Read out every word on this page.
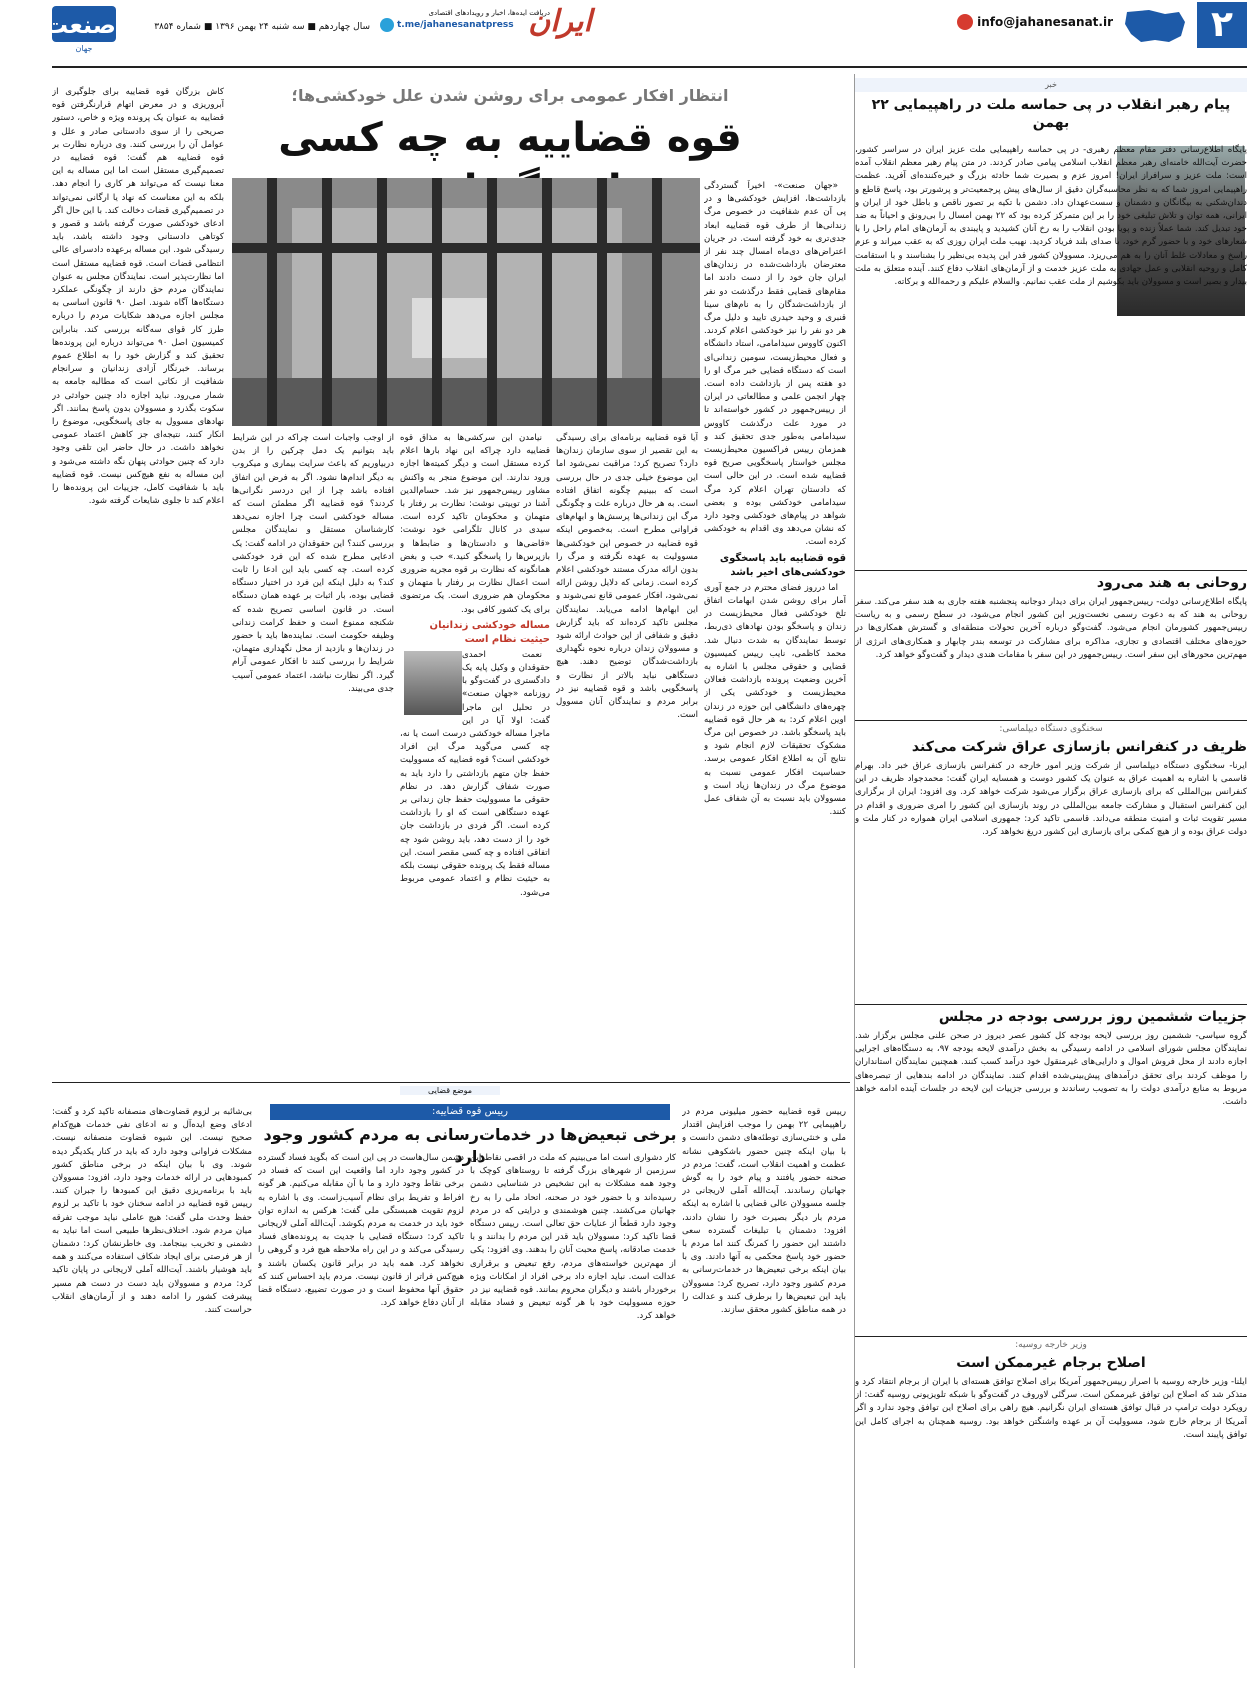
۲
info@jahanesanat.ir
ایران
دریافت ایده‌ها، اخبار و رویدادهای اقتصادی
t.me/jahanesanatpress
سال چهاردهم ■ سه شنبه ۲۴ بهمن ۱۳۹۶ ■ شماره ۳۸۵۴
صنعت
جهان
خبر
پیام رهبر انقلاب در پی حماسه ملت در راهپیمایی ۲۲ بهمن
پایگاه اطلاع‌رسانی دفتر مقام معظم رهبری- در پی حماسه راهپیمایی ملت عزیز ایران در سراسر کشور، حضرت آیت‌الله خامنه‌ای رهبر معظم انقلاب اسلامی پیامی صادر کردند. در متن پیام رهبر معظم انقلاب آمده است: ملت عزیز و سرافراز ایران! امروز عزم و بصیرت شما حادثه بزرگ و خیره‌کننده‌ای آفرید. عظمت راهپیمایی امروز شما که به نظر محاسبه‌گران دقیق از سال‌های پیش پرجمعیت‌تر و پرشورتر بود، پاسخ قاطع و دندان‌شکنی به بیگانگان و دشمنان و سست‌عهدان داد. دشمن با تکیه بر تصور ناقص و باطل خود از ایران و ایرانی، همه توان و تلاش تبلیغی خود را بر این متمرکز کرده بود که ۲۲ بهمن امسال را بی‌رونق و احیاناً به ضد خود تبدیل کند. شما عملاً زنده و پویا بودن انقلاب را به رخ آنان کشیدید و پایبندی به آرمان‌های امام راحل را با شعارهای خود و با حضور گرم خود، با صدای بلند فریاد کردید. نهیب ملت ایران روزی که به عقب میراند و عزم راسخ و معادلات غلط آنان را به هم می‌ریزد. مسوولان کشور قدر این پدیده بی‌نظیر را بشناسند و با استقامت کامل و روحیه انقلابی و عمل جهادی به ملت عزیز خدمت و از آرمان‌های انقلاب دفاع کنند. آینده متعلق به ملت بیدار و بصیر است و مسوولان باید بکوشیم از ملت عقب نمانیم. والسلام علیکم و رحمه‌الله و برکاته.
روحانی به هند می‌رود
پایگاه اطلاع‌رسانی دولت- رییس‌جمهور ایران برای دیدار دوجانبه پنجشنبه هفته جاری به هند سفر می‌کند. سفر روحانی به هند که به دعوت رسمی نخست‌وزیر این کشور انجام می‌شود، در سطح رسمی و به ریاست رییس‌جمهور کشورمان انجام می‌شود. گفت‌وگو درباره آخرین تحولات منطقه‌ای و گسترش همکاری‌ها در حوزه‌های مختلف اقتصادی و تجاری، مذاکره برای مشارکت در توسعه بندر چابهار و همکاری‌های انرژی از مهم‌ترین محورهای این سفر است. رییس‌جمهور در این سفر با مقامات هندی دیدار و گفت‌وگو خواهد کرد.
سخنگوی دستگاه دیپلماسی:
ظریف در کنفرانس بازسازی عراق شرکت می‌کند
ایرنا- سخنگوی دستگاه دیپلماسی از شرکت وزیر امور خارجه در کنفرانس بازسازی عراق خبر داد. بهرام قاسمی با اشاره به اهمیت عراق به عنوان یک کشور دوست و همسایه ایران گفت: محمدجواد ظریف در این کنفرانس بین‌المللی که برای بازسازی عراق برگزار می‌شود شرکت خواهد کرد. وی افزود: ایران از برگزاری این کنفرانس استقبال و مشارکت جامعه بین‌المللی در روند بازسازی این کشور را امری ضروری و اقدام در مسیر تقویت ثبات و امنیت منطقه می‌داند. قاسمی تاکید کرد: جمهوری اسلامی ایران همواره در کنار ملت و دولت عراق بوده و از هیچ کمکی برای بازسازی این کشور دریغ نخواهد کرد.
جزییات ششمین روز بررسی بودجه در مجلس
گروه سیاسی- ششمین روز بررسی لایحه بودجه کل کشور عصر دیروز در صحن علنی مجلس برگزار شد. نمایندگان مجلس شورای اسلامی در ادامه رسیدگی به بخش درآمدی لایحه بودجه ۹۷، به دستگاه‌های اجرایی اجازه دادند از محل فروش اموال و دارایی‌های غیرمنقول خود درآمد کسب کنند. همچنین نمایندگان استانداران را موظف کردند برای تحقق درآمدهای پیش‌بینی‌شده اقدام کنند. نمایندگان در ادامه بندهایی از تبصره‌های مربوط به منابع درآمدی دولت را به تصویب رساندند و بررسی جزییات این لایحه در جلسات آینده ادامه خواهد داشت.
وزیر خارجه روسیه:
اصلاح برجام غیرممکن است
ایلنا- وزیر خارجه روسیه با اصرار رییس‌جمهور آمریکا برای اصلاح توافق هسته‌ای با ایران از برجام انتقاد کرد و متذکر شد که اصلاح این توافق غیرممکن است. سرگئی لاوروف در گفت‌وگو با شبکه تلویزیونی روسیه گفت: از رویکرد دولت ترامپ در قبال توافق هسته‌ای ایران نگرانیم. هیچ راهی برای اصلاح این توافق وجود ندارد و اگر آمریکا از برجام خارج شود، مسوولیت آن بر عهده واشنگتن خواهد بود. روسیه همچنان به اجرای کامل این توافق پایبند است.
انتظار افکار عمومی برای روشن شدن علل خودکشی‌ها؛
قوه قضاییه به چه کسی

«جهان صنعت»- اخیراً گستردگی بازداشت‌ها، افزایش خودکشی‌ها و در پی آن عدم شفافیت در خصوص مرگ زندانی‌ها از طرف قوه قضاییه ابعاد جدی‌تری به خود گرفته است. در جریان اعتراض‌های دی‌ماه امسال چند نفر از معترضان بازداشت‌شده در زندان‌های ایران جان خود را از دست دادند اما مقام‌های قضایی فقط درگذشت دو نفر از بازداشت‌شدگان را به نام‌های سینا قنبری و وحید حیدری تایید و دلیل مرگ هر دو نفر را نیز خودکشی اعلام کردند. اکنون کاووس سیدامامی، استاد دانشگاه و فعال محیط‌زیست، سومین زندانی‌ای است که دستگاه قضایی خبر مرگ او را دو هفته پس از بازداشت داده است. چهار انجمن علمی و مطالعاتی در ایران از رییس‌جمهور در کشور خواسته‌اند تا در مورد علت درگذشت کاووس سیدامامی به‌طور جدی تحقیق کند و همزمان رییس فراکسیون محیط‌زیست مجلس خواستار پاسخگویی صریح قوه قضاییه شده است. در این حالی است که دادستان تهران اعلام کرد مرگ سیدامامی خودکشی بوده و بعضی شواهد در پیام‌های خودکشی وجود دارد که نشان می‌دهد وی اقدام به خودکشی کرده است.

قوه قضاییه باید پاسخگوی خودکشی‌های اخیر باشد

اما درروز فضای محترم در جمع آوری آمار برای روشن شدن ابهامات اتفاق تلخ خودکشی فعال محیط‌زیست در زندان و پاسخگو بودن نهادهای ذی‌ربط، توسط نمایندگان به شدت دنبال شد. محمد کاظمی، نایب رییس کمیسیون قضایی و حقوقی مجلس با اشاره به آخرین وضعیت پرونده بازداشت فعالان محیط‌زیست و خودکشی یکی از چهره‌های دانشگاهی این حوزه در زندان اوین اعلام کرد: به هر حال قوه قضاییه باید پاسخگو باشد. در خصوص این مرگ مشکوک تحقیقات لازم انجام شود و نتایج آن به اطلاع افکار عمومی برسد. حساسیت افکار عمومی نسبت به موضوع مرگ در زندان‌ها زیاد است و مسوولان باید نسبت به آن شفاف عمل کنند.

آیا قوه قضاییه برنامه‌ای برای رسیدگی به این تقصیر از سوی سازمان زندان‌ها دارد؟ تصریح کرد: مراقبت نمی‌شود اما این موضوع خیلی جدی در حال بررسی است که ببینیم چگونه اتفاق افتاده است. به هر حال درباره علت و چگونگی مرگ این زندانی‌ها پرسش‌ها و ابهام‌های فراوانی مطرح است. به‌خصوص اینکه قوه قضاییه در خصوص این خودکشی‌ها مسوولیت به عهده نگرفته و مرگ را بدون ارائه مدرک مستند خودکشی اعلام کرده است. زمانی که دلایل روشن ارائه نمی‌شود، افکار عمومی قانع نمی‌شوند و این ابهام‌ها ادامه می‌یابد. نمایندگان مجلس تاکید کرده‌اند که باید گزارش دقیق و شفافی از این حوادث ارائه شود و مسوولان زندان درباره نحوه نگهداری بازداشت‌شدگان توضیح دهند. هیچ دستگاهی نباید بالاتر از نظارت و پاسخگویی باشد و قوه قضاییه نیز در برابر مردم و نمایندگان آنان مسوول است.

نیامدن این سرکشی‌ها به مذاق قوه قضاییه دارد چراکه این نهاد بارها اعلام کرده مستقل است و دیگر کمیته‌ها اجازه ورود ندارند. این موضوع منجر به واکنش مشاور رییس‌جمهور نیز شد. حسام‌الدین آشنا در توییتی نوشت: نظارت بر رفتار با متهمان و محکومان تاکید کرده است. سیدی در کانال تلگرامی خود نوشت: «قاضی‌ها و دادستان‌ها و ضابط‌ها و بازپرس‌ها را پاسخگو کنید.» حب و بغض همانگونه که نظارت بر قوه مجریه ضروری است اعمال نظارت بر رفتار با متهمان و محکومان هم ضروری است. یک مرتضوی برای یک کشور کافی بود.

مساله خودکشی زندانیان حیثیت نظام است

نعمت احمدی حقوقدان و وکیل پایه یک دادگستری در گفت‌وگو با روزنامه «جهان صنعت» در تحلیل این ماجرا گفت: اولا آیا در این ماجرا مساله خودکشی درست است یا نه، چه کسی می‌گوید مرگ این افراد خودکشی است؟ قوه قضاییه که مسوولیت حفظ جان متهم بازداشتی را دارد باید به صورت شفاف گزارش دهد. در نظام حقوقی ما مسوولیت حفظ جان زندانی بر عهده دستگاهی است که او را بازداشت کرده است. اگر فردی در بازداشت جان خود را از دست دهد، باید روشن شود چه اتفاقی افتاده و چه کسی مقصر است. این مساله فقط یک پرونده حقوقی نیست بلکه به حیثیت نظام و اعتماد عمومی مربوط می‌شود.

از اوجب واجبات است چراکه در این شرایط باید بتوانیم یک دمل چرکین را از بدن دربیاوریم که باعث سرایت بیماری و میکروب به دیگر اندام‌ها نشود. اگر به فرض این اتفاق افتاده باشد چرا از این دردسر نگرانی‌ها کردند؟ قوه قضاییه اگر مطمئن است که مساله خودکشی است چرا اجازه نمی‌دهد کارشناسان مستقل و نمایندگان مجلس بررسی کنند؟ این حقوقدان در ادامه گفت: یک ادعایی مطرح شده که این فرد خودکشی کرده است. چه کسی باید این ادعا را ثابت کند؟ به دلیل اینکه این فرد در اختیار دستگاه قضایی بوده، بار اثبات بر عهده همان دستگاه است. در قانون اساسی تصریح شده که شکنجه ممنوع است و حفظ کرامت زندانی وظیفه حکومت است. نماینده‌ها باید با حضور در زندان‌ها و بازدید از محل نگهداری متهمان، شرایط را بررسی کنند تا افکار عمومی آرام گیرد. اگر نظارت نباشد، اعتماد عمومی آسیب جدی می‌بیند.
کاش بزرگان قوه قضاییه برای جلوگیری از آبروریزی و در معرض اتهام قرارنگرفتن قوه قضاییه به عنوان یک پرونده ویژه و خاص، دستور صریحی را از سوی دادستانی صادر و علل و عوامل آن را بررسی کنند. وی درباره نظارت بر قوه قضاییه هم گفت: قوه قضاییه در تصمیم‌گیری مستقل است اما این مساله به این معنا نیست که می‌تواند هر کاری را انجام دهد. بلکه به این معناست که نهاد یا ارگانی نمی‌تواند در تصمیم‌گیری قضات دخالت کند. با این حال اگر ادعای خودکشی صورت گرفته باشد و قصور و کوتاهی دادستانی وجود داشته باشد، باید رسیدگی شود. این مساله برعهده دادسرای عالی انتظامی قضات است. قوه قضاییه مستقل است اما نظارت‌پذیر است. نمایندگان مجلس به عنوان نمایندگان مردم حق دارند از چگونگی عملکرد دستگاه‌ها آگاه شوند. اصل ۹۰ قانون اساسی به مجلس اجازه می‌دهد شکایات مردم را درباره طرز کار قوای سه‌گانه بررسی کند. بنابراین کمیسیون اصل ۹۰ می‌تواند درباره این پرونده‌ها تحقیق کند و گزارش خود را به اطلاع عموم برساند. خبرنگار آزادی زندانیان و سرانجام شفافیت از نکاتی است که مطالبه جامعه به شمار می‌رود. نباید اجازه داد چنین حوادثی در سکوت بگذرد و مسوولان بدون پاسخ بمانند. اگر نهادهای مسوول به جای پاسخگویی، موضوع را انکار کنند، نتیجه‌ای جز کاهش اعتماد عمومی نخواهد داشت. در حال حاضر این تلقی وجود دارد که چنین حوادثی پنهان نگه داشته می‌شود و این مساله به نفع هیچ‌کس نیست. قوه قضاییه باید با شفافیت کامل، جزییات این پرونده‌ها را اعلام کند تا جلوی شایعات گرفته شود.
موضع قضایی
رییس قوه قضاییه:
برخی تبعیض‌ها در خدمات‌رسانی به مردم کشور وجود دارد
رییس قوه قضاییه حضور میلیونی مردم در راهپیمایی ۲۲ بهمن را موجب افزایش اقتدار ملی و خنثی‌سازی توطئه‌های دشمن دانست و با بیان اینکه چنین حضور باشکوهی نشانه عظمت و اهمیت انقلاب است، گفت: مردم در صحنه حضور یافتند و پیام خود را به گوش جهانیان رساندند. آیت‌الله آملی لاریجانی در جلسه مسوولان عالی قضایی با اشاره به اینکه مردم بار دیگر بصیرت خود را نشان دادند، افزود: دشمنان با تبلیغات گسترده سعی داشتند این حضور را کمرنگ کنند اما مردم با حضور خود پاسخ محکمی به آنها دادند. وی با بیان اینکه برخی تبعیض‌ها در خدمات‌رسانی به مردم کشور وجود دارد، تصریح کرد: مسوولان باید این تبعیض‌ها را برطرف کنند و عدالت را در همه مناطق کشور محقق سازند.
کار دشواری است اما می‌بینیم که ملت در اقصی نقاط این سرزمین از شهرهای بزرگ گرفته تا روستاهای کوچک با وجود همه مشکلات به این تشخیص در شناسایی دشمن رسیده‌اند و با حضور خود در صحنه، اتحاد ملی را به رخ جهانیان می‌کشند. چنین هوشمندی و درایتی که در مردم وجود دارد قطعاً از عنایات حق تعالی است. رییس دستگاه قضا تاکید کرد: مسوولان باید قدر این مردم را بدانند و با خدمت صادقانه، پاسخ محبت آنان را بدهند. وی افزود: یکی از مهم‌ترین خواسته‌های مردم، رفع تبعیض و برقراری عدالت است. نباید اجازه داد برخی افراد از امکانات ویژه برخوردار باشند و دیگران محروم بمانند. قوه قضاییه نیز در حوزه مسوولیت خود با هر گونه تبعیض و فساد مقابله خواهد کرد.
دشمن سال‌هاست در پی این است که بگوید فساد گسترده در کشور وجود دارد اما واقعیت این است که فساد در برخی نقاط وجود دارد و ما با آن مقابله می‌کنیم. هر گونه افراط و تفریط برای نظام آسیب‌زاست. وی با اشاره به لزوم تقویت همبستگی ملی گفت: هرکس به اندازه توان خود باید در خدمت به مردم بکوشد. آیت‌الله آملی لاریجانی تاکید کرد: دستگاه قضایی با جدیت به پرونده‌های فساد رسیدگی می‌کند و در این راه ملاحظه هیچ فرد و گروهی را نخواهد کرد. همه باید در برابر قانون یکسان باشند و هیچ‌کس فراتر از قانون نیست. مردم باید احساس کنند که حقوق آنها محفوظ است و در صورت تضییع، دستگاه قضا از آنان دفاع خواهد کرد.
بی‌شائبه بر لزوم قضاوت‌های منصفانه تاکید کرد و گفت: ادعای وضع ایده‌آل و نه ادعای نفی خدمات هیچ‌کدام صحیح نیست. این شیوه قضاوت منصفانه نیست. مشکلات فراوانی وجود دارد که باید در کنار یکدیگر دیده شوند. وی با بیان اینکه در برخی مناطق کشور کمبودهایی در ارائه خدمات وجود دارد، افزود: مسوولان باید با برنامه‌ریزی دقیق این کمبودها را جبران کنند. رییس قوه قضاییه در ادامه سخنان خود با تاکید بر لزوم حفظ وحدت ملی گفت: هیچ عاملی نباید موجب تفرقه میان مردم شود. اختلاف‌نظرها طبیعی است اما نباید به دشمنی و تخریب بینجامد. وی خاطرنشان کرد: دشمنان از هر فرصتی برای ایجاد شکاف استفاده می‌کنند و همه باید هوشیار باشند. آیت‌الله آملی لاریجانی در پایان تاکید کرد: مردم و مسوولان باید دست در دست هم مسیر پیشرفت کشور را ادامه دهند و از آرمان‌های انقلاب حراست کنند.
